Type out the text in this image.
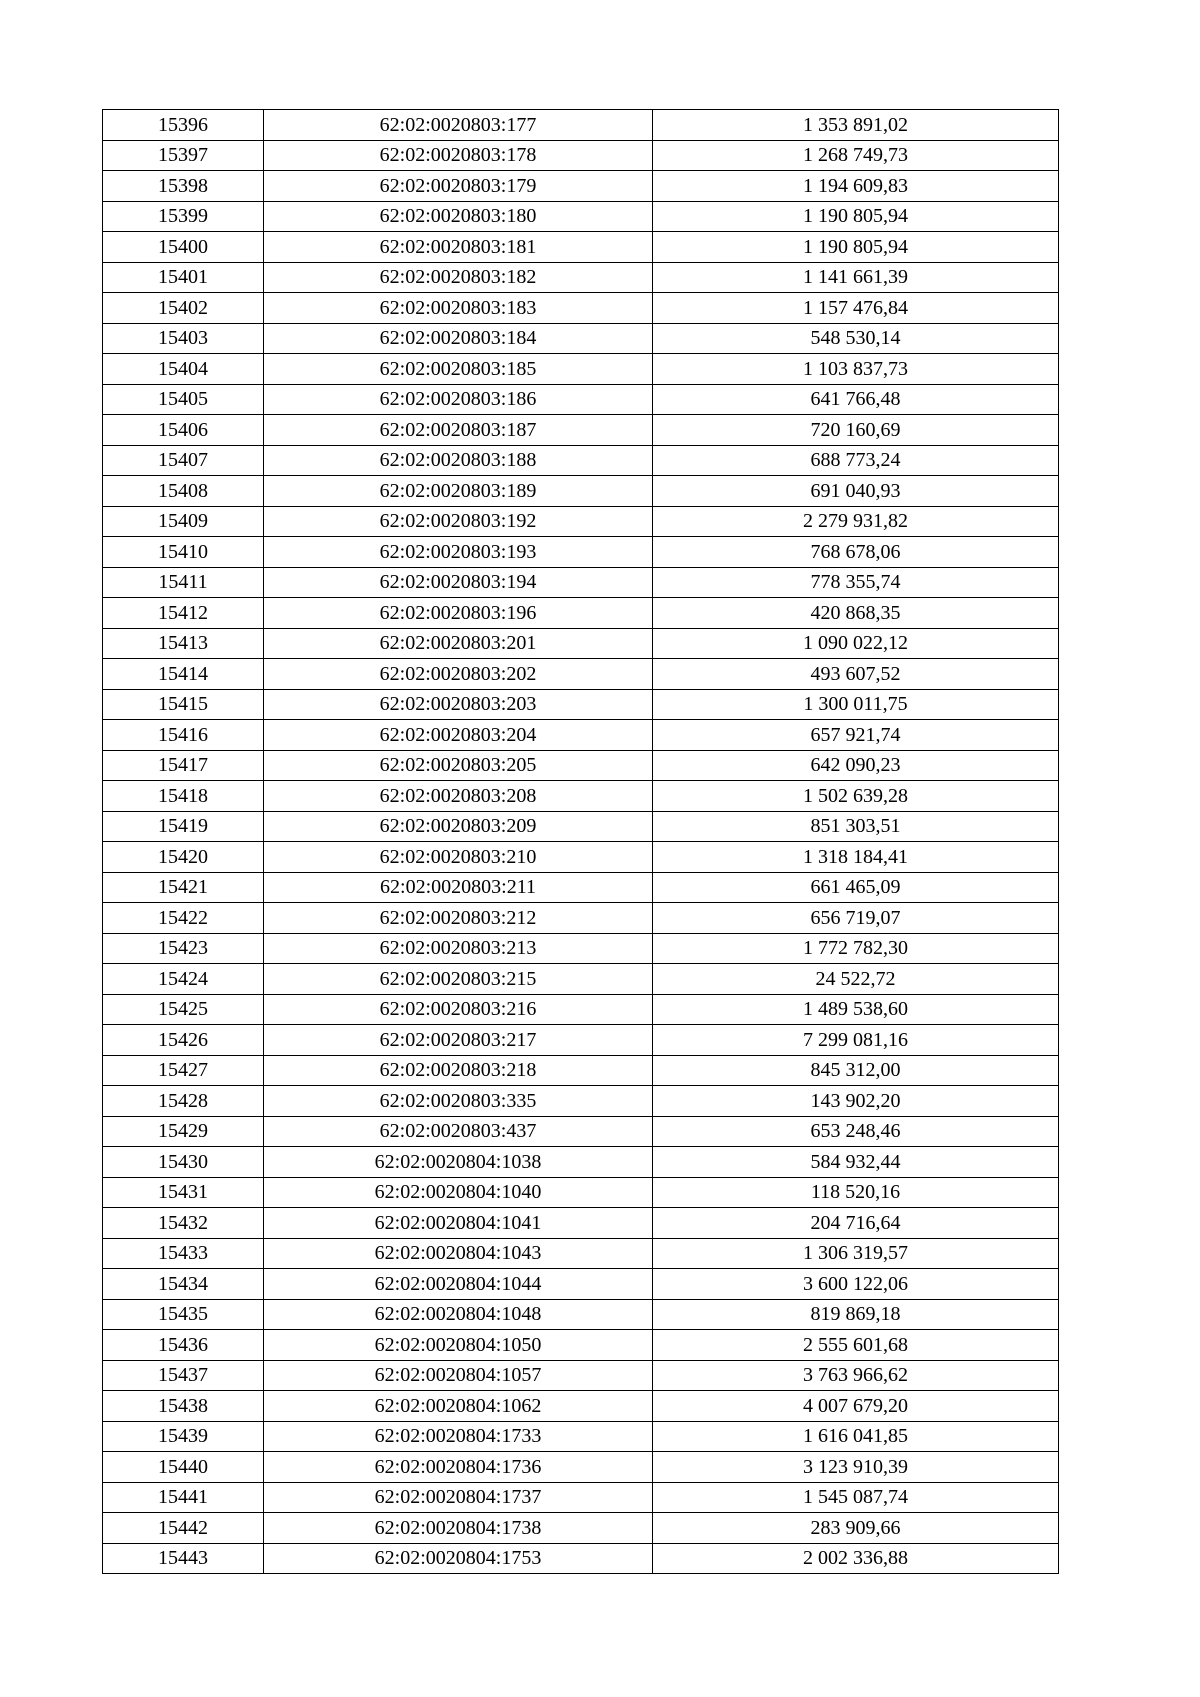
15396	62:02:0020803:177	1 353 891,02
15397	62:02:0020803:178	1 268 749,73
15398	62:02:0020803:179	1 194 609,83
15399	62:02:0020803:180	1 190 805,94
15400	62:02:0020803:181	1 190 805,94
15401	62:02:0020803:182	1 141 661,39
15402	62:02:0020803:183	1 157 476,84
15403	62:02:0020803:184	548 530,14
15404	62:02:0020803:185	1 103 837,73
15405	62:02:0020803:186	641 766,48
15406	62:02:0020803:187	720 160,69
15407	62:02:0020803:188	688 773,24
15408	62:02:0020803:189	691 040,93
15409	62:02:0020803:192	2 279 931,82
15410	62:02:0020803:193	768 678,06
15411	62:02:0020803:194	778 355,74
15412	62:02:0020803:196	420 868,35
15413	62:02:0020803:201	1 090 022,12
15414	62:02:0020803:202	493 607,52
15415	62:02:0020803:203	1 300 011,75
15416	62:02:0020803:204	657 921,74
15417	62:02:0020803:205	642 090,23
15418	62:02:0020803:208	1 502 639,28
15419	62:02:0020803:209	851 303,51
15420	62:02:0020803:210	1 318 184,41
15421	62:02:0020803:211	661 465,09
15422	62:02:0020803:212	656 719,07
15423	62:02:0020803:213	1 772 782,30
15424	62:02:0020803:215	24 522,72
15425	62:02:0020803:216	1 489 538,60
15426	62:02:0020803:217	7 299 081,16
15427	62:02:0020803:218	845 312,00
15428	62:02:0020803:335	143 902,20
15429	62:02:0020803:437	653 248,46
15430	62:02:0020804:1038	584 932,44
15431	62:02:0020804:1040	118 520,16
15432	62:02:0020804:1041	204 716,64
15433	62:02:0020804:1043	1 306 319,57
15434	62:02:0020804:1044	3 600 122,06
15435	62:02:0020804:1048	819 869,18
15436	62:02:0020804:1050	2 555 601,68
15437	62:02:0020804:1057	3 763 966,62
15438	62:02:0020804:1062	4 007 679,20
15439	62:02:0020804:1733	1 616 041,85
15440	62:02:0020804:1736	3 123 910,39
15441	62:02:0020804:1737	1 545 087,74
15442	62:02:0020804:1738	283 909,66
15443	62:02:0020804:1753	2 002 336,88
